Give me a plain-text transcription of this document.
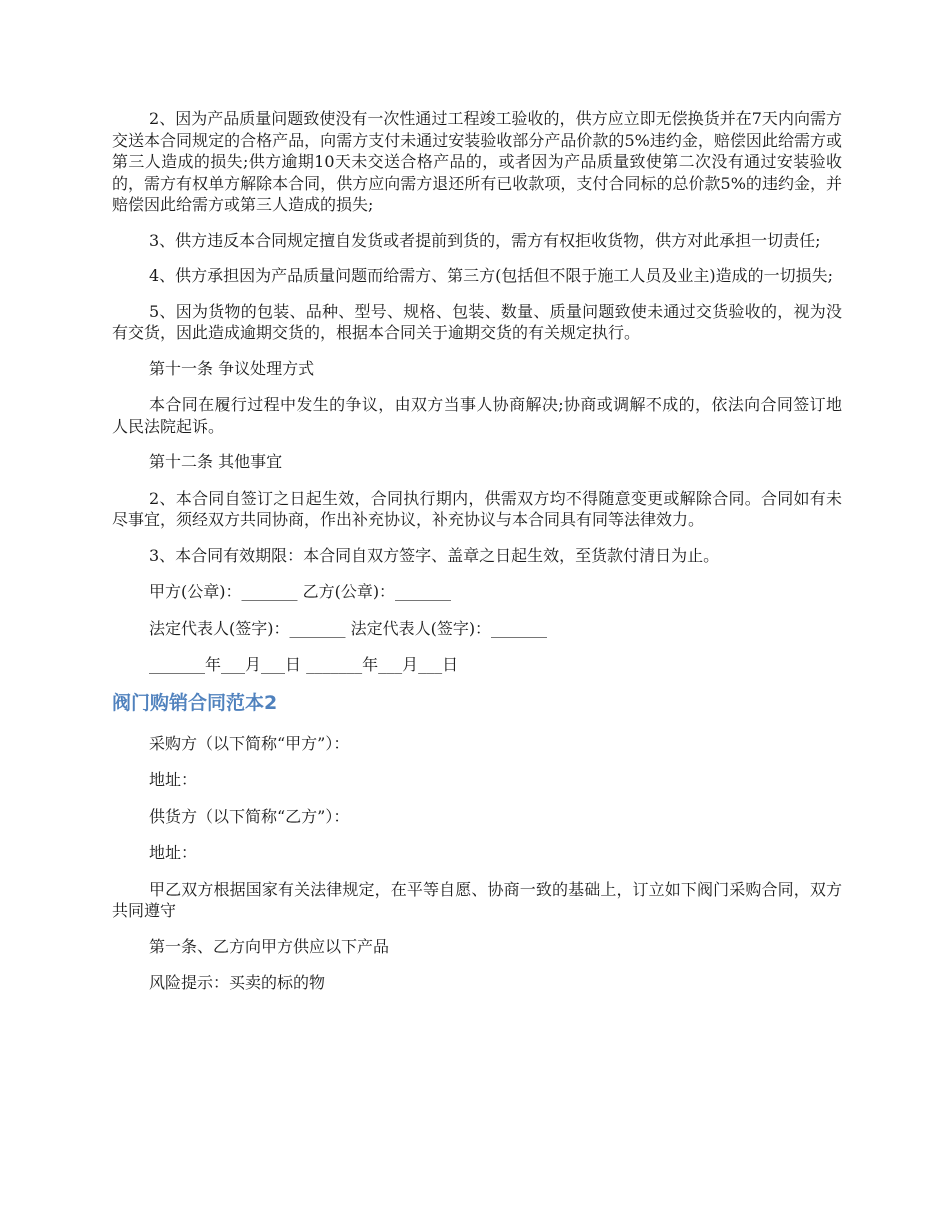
2、因为产品质量问题致使没有一次性通过工程竣工验收的，供方应立即无偿换货并在7天内向需方交送本合同规定的合格产品，向需方支付未通过安装验收部分产品价款的5%违约金，赔偿因此给需方或第三人造成的损失;供方逾期10天未交送合格产品的，或者因为产品质量致使第二次没有通过安装验收的，需方有权单方解除本合同，供方应向需方退还所有已收款项，支付合同标的总价款5%的违约金，并赔偿因此给需方或第三人造成的损失;

3、供方违反本合同规定擅自发货或者提前到货的，需方有权拒收货物，供方对此承担一切责任;

4、供方承担因为产品质量问题而给需方、第三方(包括但不限于施工人员及业主)造成的一切损失;

5、因为货物的包装、品种、型号、规格、包装、数量、质量问题致使未通过交货验收的，视为没有交货，因此造成逾期交货的，根据本合同关于逾期交货的有关规定执行。

第十一条 争议处理方式

本合同在履行过程中发生的争议，由双方当事人协商解决;协商或调解不成的，依法向合同签订地人民法院起诉。

第十二条 其他事宜

2、本合同自签订之日起生效，合同执行期内，供需双方均不得随意变更或解除合同。合同如有未尽事宜，须经双方共同协商，作出补充协议，补充协议与本合同具有同等法律效力。

3、本合同有效期限：本合同自双方签字、盖章之日起生效，至货款付清日为止。

甲方(公章)：_______ 乙方(公章)：_______

法定代表人(签字)：_______ 法定代表人(签字)：_______

_______年___月___日 _______年___月___日

阀门购销合同范本2

采购方（以下简称“甲方”）：

地址：

供货方（以下简称“乙方”）：

地址：

甲乙双方根据国家有关法律规定，在平等自愿、协商一致的基础上，订立如下阀门采购合同，双方共同遵守

第一条、乙方向甲方供应以下产品

风险提示：买卖的标的物
